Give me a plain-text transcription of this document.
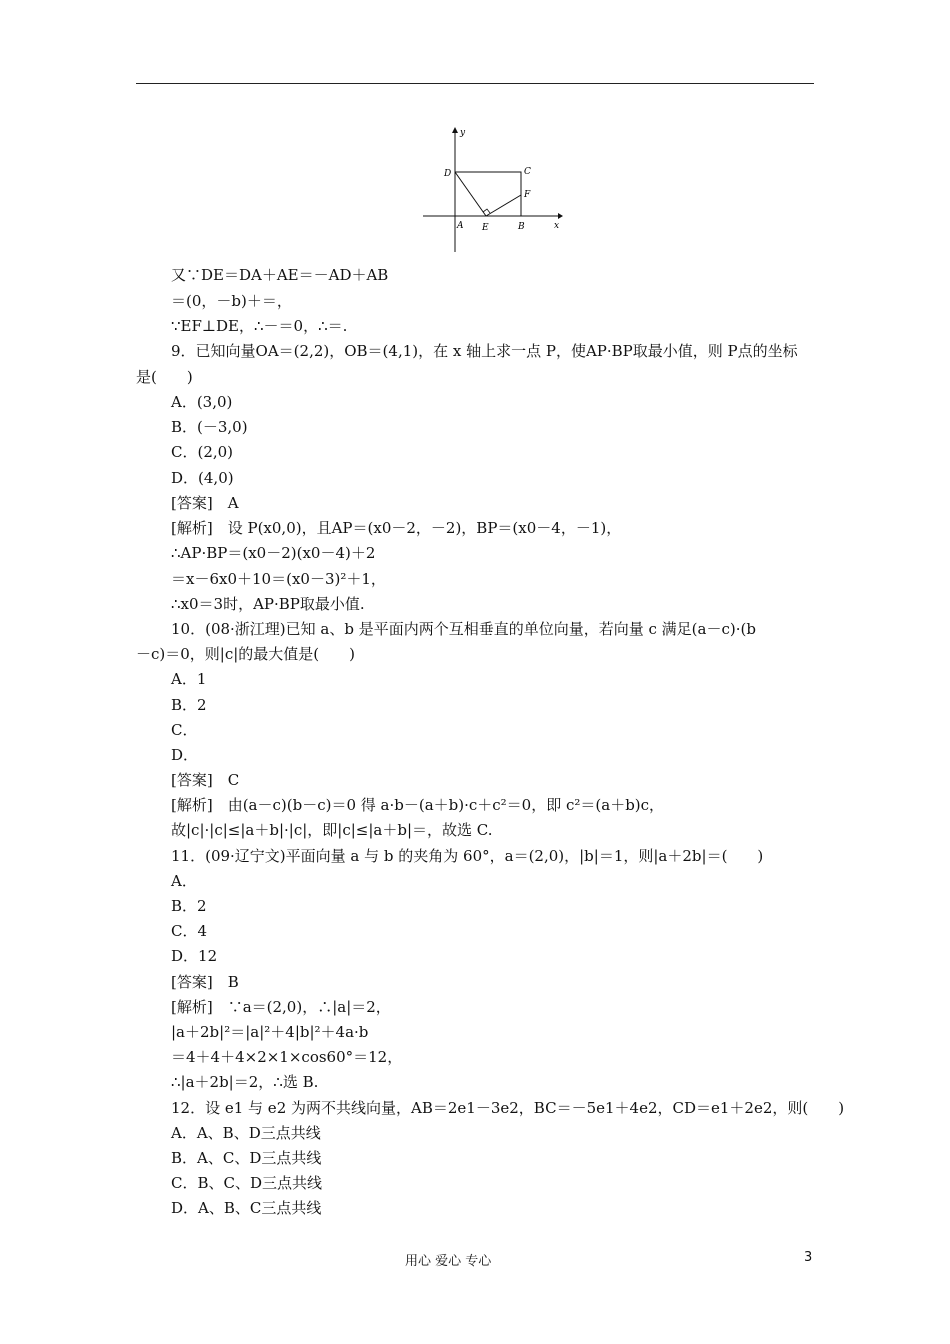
y
x
D	C
F
A E	B
又∵DE＝DA＋AE＝－AD＋AB
＝(0，－b)＋＝，
∵EF⊥DE，∴－＝0，∴＝.
9．已知向量OA＝(2,2)，OB＝(4,1)，在 x 轴上求一点 P，使AP·BP取最小值，则 P点的坐标
是(　　)
A．(3,0)
B．(－3,0)
C．(2,0)
D．(4,0)
[答案]　A
[解析]　设 P(x0,0)，且AP＝(x0－2，－2)，BP＝(x0－4，－1)，
∴AP·BP＝(x0－2)(x0－4)＋2
＝x－6x0＋10＝(x0－3)²＋1，
∴x0＝3时，AP·BP取最小值.
10．(08·浙江理)已知 a、b 是平面内两个互相垂直的单位向量，若向量 c 满足(a－c)·(b
－c)＝0，则|c|的最大值是(　　)
A．1
B．2
C．
D．
[答案]　C
[解析]　由(a－c)(b－c)＝0 得 a·b－(a＋b)·c＋c²＝0，即 c²＝(a＋b)c，
故|c|·|c|≤|a＋b|·|c|，即|c|≤|a＋b|＝，故选 C.
11．(09·辽宁文)平面向量 a 与 b 的夹角为 60°，a＝(2,0)，|b|＝1，则|a＋2b|＝(　　)
A．
B．2
C．4
D．12
[答案]　B
[解析]　∵a＝(2,0)，∴|a|＝2，
|a＋2b|²＝|a|²＋4|b|²＋4a·b
＝4＋4＋4×2×1×cos60°＝12，
∴|a＋2b|＝2，∴选 B.
12．设 e1 与 e2 为两不共线向量，AB＝2e1－3e2，BC＝－5e1＋4e2，CD＝e1＋2e2，则(　　)
A．A、B、D三点共线
B．A、C、D三点共线
C．B、C、D三点共线
D．A、B、C三点共线
用心 爱心 专心	3
